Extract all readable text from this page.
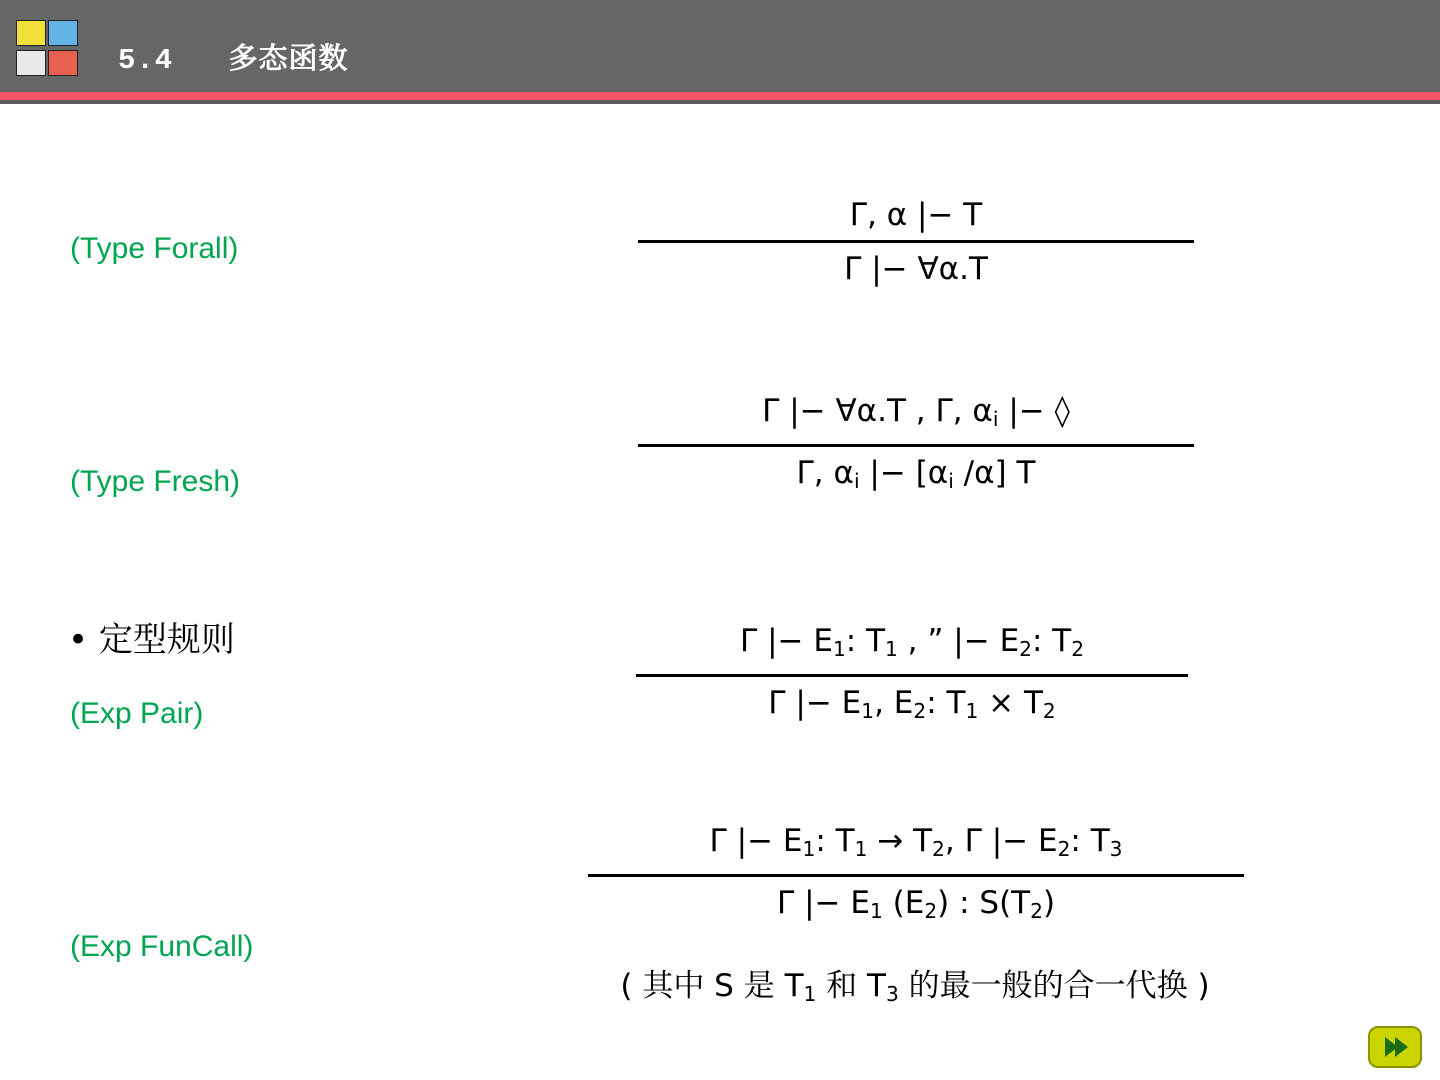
5.4 多态函数
(Type Forall)
Γ, α |− T
Γ |− ∀α.T
(Type Fresh)
Γ |− ∀α.T , Γ, $\alpha_i$ |− ◊
Γ, $\alpha_i$ |− [$\alpha_i$ /α] T
• 定型规则
(Exp Pair)
Γ |− $E_1$: $T_1$ , ” |− $E_2$: $T_2$
Γ |− $E_1$, $E_2$: $T_1 \times T_2$
(Exp FunCall)
Γ |− $E_1$: $T_1 \to T_2$, Γ |− $E_2$: $T_3$
Γ |− $E_1$ $(E_2)$ : $S(T_2)$
( 其中 S 是 $T_1$ 和 $T_3$ 的最一般的合一代换 )
